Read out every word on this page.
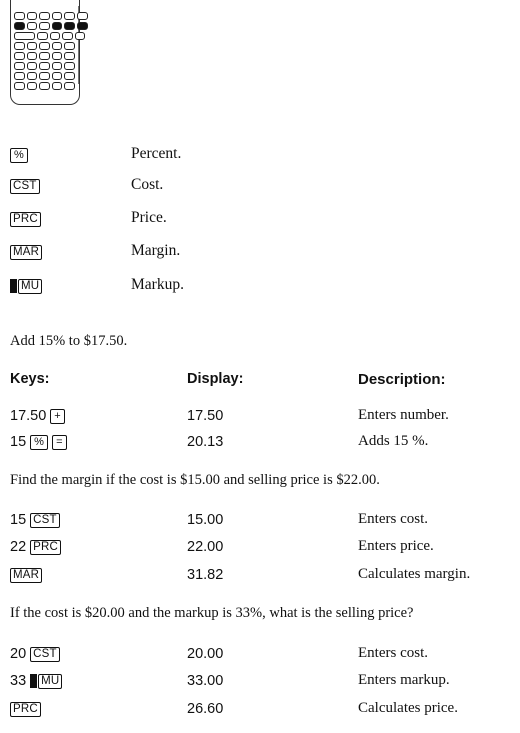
%	Percent.
CST	Cost.
PRC	Price.
MAR	Margin.
MU	Markup.
Add 15% to $17.50.
Keys:	Display:	Description:
17.50 +	17.50	Enters number.
15 % =	20.13	Adds 15 %.
Find the margin if the cost is $15.00 and selling price is $22.00.
15 CST	15.00	Enters cost.
22 PRC	22.00	Enters price.
MAR	31.82	Calculates margin.
If the cost is $20.00 and the markup is 33%, what is the selling price?
20 CST	20.00	Enters cost.
33 MU	33.00	Enters markup.
PRC	26.60	Calculates price.
